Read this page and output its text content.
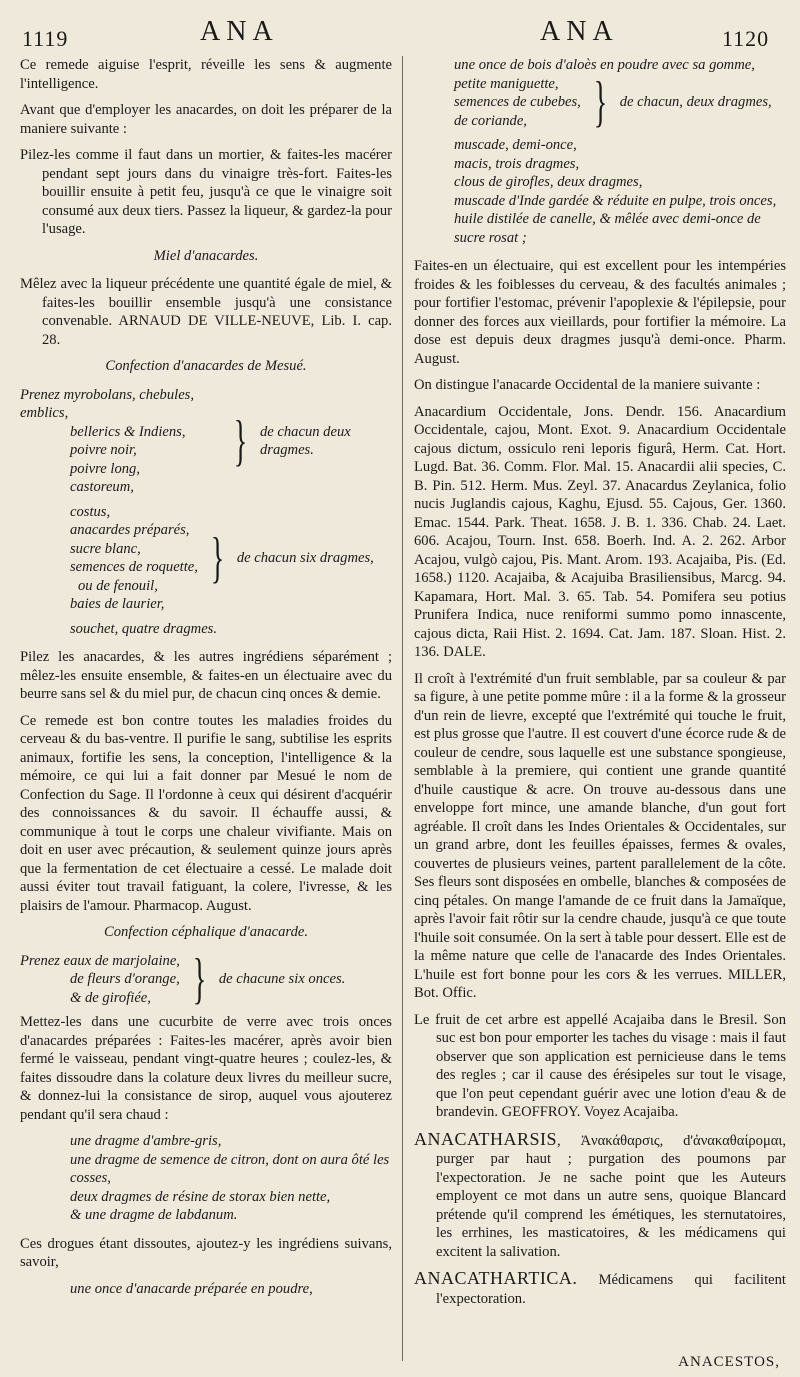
1119	ANA	ANA	1120

Ce remede aiguise l'esprit, réveille les sens & augmente l'intelligence.

Avant que d'employer les anacardes, on doit les préparer de la maniere suivante :

Pilez-les comme il faut dans un mortier, & faites-les macérer pendant sept jours dans du vinaigre très-fort. Faites-les bouillir ensuite à petit feu, jusqu'à ce que le vinaigre soit consumé aux deux tiers. Passez la liqueur, & gardez-la pour l'usage.

Miel d'anacardes.

Mêlez avec la liqueur précédente une quantité égale de miel, & faites-les bouillir ensemble jusqu'à une consistance convenable. ARNAUD DE VILLE-NEUVE, Lib. I. cap. 28.

Confection d'anacardes de Mesué.
Prenez myrobolans, chebules, emblics,
bellerics & Indiens,
poivre noir,
poivre long,
castoreum,
} de chacun deux dragmes.
costus,
anacardes préparés,
sucre blanc,
semences de roquette,
ou de fenouil,
baies de laurier,
} de chacun six dragmes,
souchet, quatre dragmes.

Pilez les anacardes, & les autres ingrédiens séparément ; mêlez-les ensuite ensemble, & faites-en un électuaire avec du beurre sans sel & du miel pur, de chacun cinq onces & demie.

Ce remede est bon contre toutes les maladies froides du cerveau & du bas-ventre. Il purifie le sang, subtilise les esprits animaux, fortifie les sens, la conception, l'intelligence & la mémoire, ce qui lui a fait donner par Mesué le nom de Confection du Sage. Il l'ordonne à ceux qui désirent d'acquérir des connoissances & du savoir. Il échauffe aussi, & communique à tout le corps une chaleur vivifiante. Mais on doit en user avec précaution, & seulement quinze jours après que la fermentation de cet électuaire a cessé. Le malade doit aussi éviter tout travail fatiguant, la colere, l'ivresse, & les plaisirs de l'amour. Pharmacop. August.

Confection céphalique d'anacarde.
Prenez eaux de marjolaine,
de fleurs d'orange,
& de girofiée, } de chacune six onces.

Mettez-les dans une cucurbite de verre avec trois onces d'anacardes préparées : Faites-les macérer, après avoir bien fermé le vaisseau, pendant vingt-quatre heures ; coulez-les, & faites dissoudre dans la colature deux livres du meilleur sucre, & donnez-lui la consistance de sirop, auquel vous ajouterez pendant qu'il sera chaud :

une dragme d'ambre-gris,
une dragme de semence de citron, dont on aura ôté les cosses,
deux dragmes de résine de storax bien nette,
& une dragme de labdanum.

Ces drogues étant dissoutes, ajoutez-y les ingrédiens suivans, savoir,

une once d'anacarde préparée en poudre,
une once de bois d'aloès en poudre avec sa gomme,
petite maniguette,
semences de cubebes,
de coriande,	} de chacun, deux dragmes,
muscade, demi-once,
macis, trois dragmes,
clous de girofles, deux dragmes,
muscade d'Inde gardée & réduite en pulpe, trois onces,
huile distilée de canelle, & mêlée avec demi-once de sucre rosat ;

Faites-en un électuaire, qui est excellent pour les intempéries froides & les foiblesses du cerveau, & des facultés animales ; pour fortifier l'estomac, prévenir l'apoplexie & l'épilepsie, pour donner des forces aux vieillards, pour fortifier la mémoire. La dose est depuis deux dragmes jusqu'à demi-once. Pharm. August.

On distingue l'anacarde Occidental de la maniere suivante :

Anacardium Occidentale, Jons. Dendr. 156. Anacardium Occidentale, cajou, Mont. Exot. 9. Anacardium Occidentale cajous dictum, ossiculo reni leporis figurâ, Herm. Cat. Hort. Lugd. Bat. 36. Comm. Flor. Mal. 15. Anacardii alii species, C. B. Pin. 512. Herm. Mus. Zeyl. 37. Anacardus Zeylanica, folio nucis Juglandis cajous, Kaghu, Ejusd. 55. Cajous, Ger. 1360. Emac. 1544. Park. Theat. 1658. J. B. 1. 336. Chab. 24. Laet. 606. Acajou, Tourn. Inst. 658. Boerh. Ind. A. 2. 262. Arbor Acajou, vulgò cajou, Pis. Mant. Arom. 193. Acajaiba, Pis. (Ed. 1658.) 1120. Acajaiba, & Acajuiba Brasiliensibus, Marcg. 94. Kapamara, Hort. Mal. 3. 65. Tab. 54. Pomifera seu potius Prunifera Indica, nuce reniformi summo pomo innascente, cajous dicta, Raii Hist. 2. 1694. Cat. Jam. 187. Sloan. Hist. 2. 136. DALE.

Il croît à l'extrémité d'un fruit semblable, par sa couleur & par sa figure, à une petite pomme mûre : il a la forme & la grosseur d'un rein de lievre, excepté que l'extrémité qui touche le fruit, est plus grosse que l'autre. Il est couvert d'une écorce rude & de couleur de cendre, sous laquelle est une substance spongieuse, semblable à la premiere, qui contient une grande quantité d'huile caustique & acre. On trouve au-dessous dans une enveloppe fort mince, une amande blanche, d'un gout fort agréable. Il croît dans les Indes Orientales & Occidentales, sur un grand arbre, dont les feuilles épaisses, fermes & ovales, couvertes de plusieurs veines, partent parallelement de la côte. Ses fleurs sont disposées en ombelle, blanches & composées de cinq pétales. On mange l'amande de ce fruit dans la Jamaïque, après l'avoir fait rôtir sur la cendre chaude, jusqu'à ce que toute l'huile soit consumée. On la sert à table pour dessert. Elle est de la même nature que celle de l'anacarde des Indes Orientales. L'huile est fort bonne pour les cors & les verrues. MILLER, Bot. Offic.

Le fruit de cet arbre est appellé Acajaiba dans le Bresil. Son suc est bon pour emporter les taches du visage : mais il faut observer que son application est pernicieuse dans le tems des regles ; car il cause des érésipeles sur tout le visage, que l'on peut cependant guérir avec une lotion d'eau & de brandevin. GEOFFROY. Voyez Acajaiba.

ANACATHARSIS, Ἀνακάθαρσις, d'ἀνακαθαίρομαι, purger par haut ; purgation des poumons par l'expectoration. Je ne sache point que les Auteurs employent ce mot dans un autre sens, quoique Blancard prétende qu'il comprend les émétiques, les sternutatoires, les errhines, les masticatoires, & les médicamens qui excitent la salivation.

ANACATHARTICA. Médicamens qui facilitent l'expectoration.

ANACESTOS,
